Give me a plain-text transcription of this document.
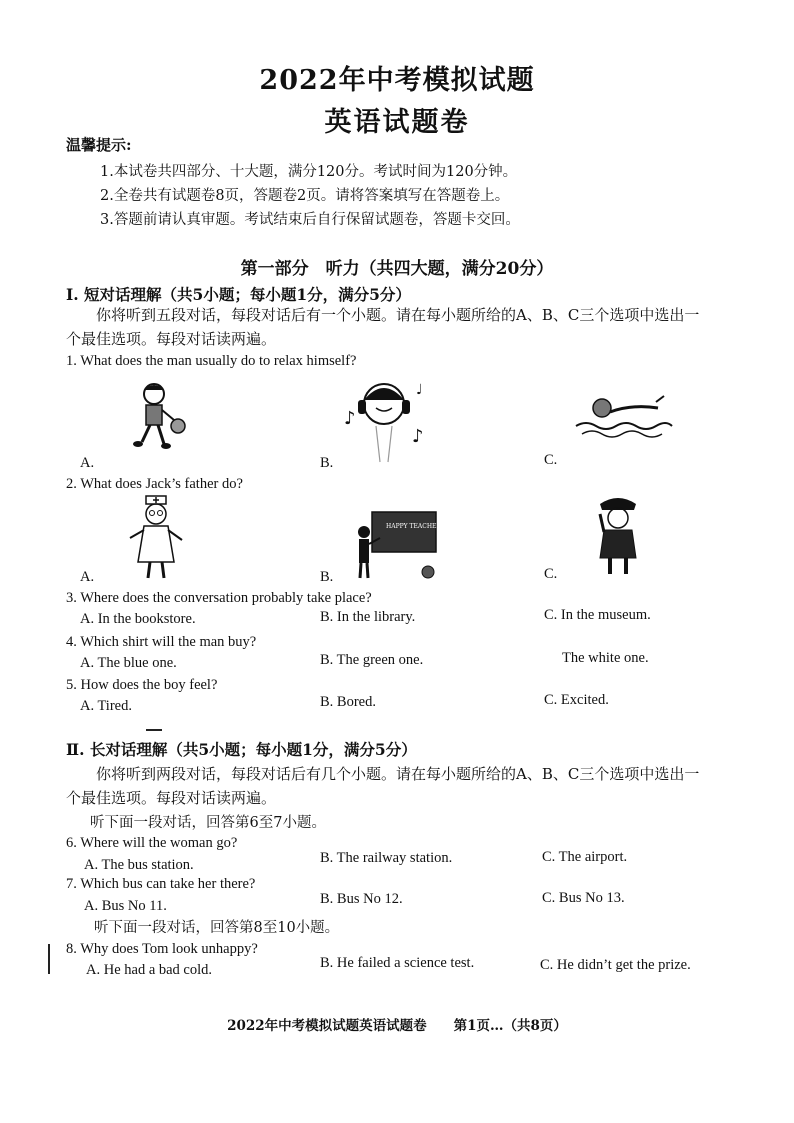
2022年中考模拟试题
英语试题卷
温馨提示:
1.本试卷共四部分、十大题，满分120分。考试时间为120分钟。
2.全卷共有试题卷8页，答题卷2页。请将答案填写在答题卷上。
3.答题前请认真审题。考试结束后自行保留试题卷，答题卡交回。
第一部分　听力（共四大题，满分20分）
Ⅰ. 短对话理解（共5小题；每小题1分，满分5分）
你将听到五段对话，每段对话后有一个小题。请在每小题所给的A、B、C三个选项中选出一
个最佳选项。每段对话读两遍。
1. What does the man usually do to relax himself?
♪
♪
♩
A.	B.	C.
2. What does Jack’s father do?
HAPPY TEACHER'S DAY
A.	B.	C.
3. Where does the conversation probably take place?
A. In the bookstore.	B. In the library.	C. In the museum.
4. Which shirt will the man buy?
A. The blue one.	B. The green one.	The white one.
5. How does the boy feel?
A. Tired.	B. Bored.	C. Excited.
Ⅱ. 长对话理解（共5小题；每小题1分，满分5分）
你将听到两段对话，每段对话后有几个小题。请在每小题所给的A、B、C三个选项中选出一
个最佳选项。每段对话读两遍。
听下面一段对话，回答第6至7小题。
6. Where will the woman go?
A. The bus station.	B. The railway station.	C. The airport.
7. Which bus can take her there?
A. Bus No 11.	B. Bus No 12.	C. Bus No 13.
听下面一段对话，回答第8至10小题。
8. Why does Tom look unhappy?
A. He had a bad cold.	B. He failed a science test.	C. He didn’t get the prize.
2022年中考模拟试题英语试题卷　　第1页…（共8页）
